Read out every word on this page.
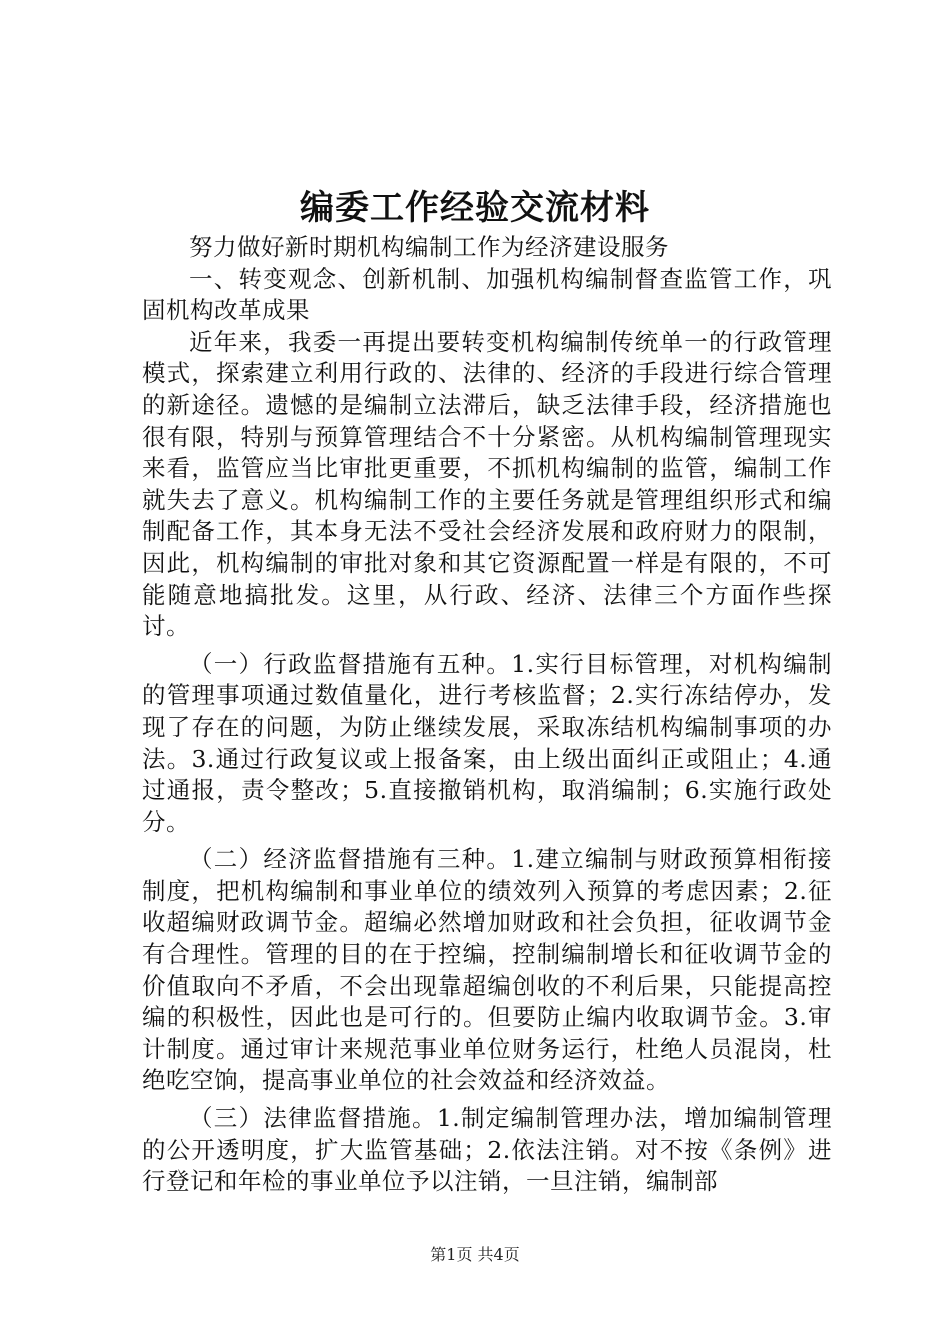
编委工作经验交流材料

努力做好新时期机构编制工作为经济建设服务

一、转变观念、创新机制、加强机构编制督查监管工作，巩固机构改革成果

近年来，我委一再提出要转变机构编制传统单一的行政管理模式，探索建立利用行政的、法律的、经济的手段进行综合管理的新途径。遗憾的是编制立法滞后，缺乏法律手段，经济措施也很有限，特别与预算管理结合不十分紧密。从机构编制管理现实来看，监管应当比审批更重要，不抓机构编制的监管，编制工作就失去了意义。机构编制工作的主要任务就是管理组织形式和编制配备工作，其本身无法不受社会经济发展和政府财力的限制，因此，机构编制的审批对象和其它资源配置一样是有限的，不可能随意地搞批发。这里，从行政、经济、法律三个方面作些探讨。

（一）行政监督措施有五种。1.实行目标管理，对机构编制的管理事项通过数值量化，进行考核监督；2.实行冻结停办，发现了存在的问题，为防止继续发展，采取冻结机构编制事项的办法。3.通过行政复议或上报备案，由上级出面纠正或阻止；4.通过通报，责令整改；5.直接撤销机构，取消编制；6.实施行政处分。

（二）经济监督措施有三种。1.建立编制与财政预算相衔接制度，把机构编制和事业单位的绩效列入预算的考虑因素；2.征收超编财政调节金。超编必然增加财政和社会负担，征收调节金有合理性。管理的目的在于控编，控制编制增长和征收调节金的价值取向不矛盾，不会出现靠超编创收的不利后果，只能提高控编的积极性，因此也是可行的。但要防止编内收取调节金。3.审计制度。通过审计来规范事业单位财务运行，杜绝人员混岗，杜绝吃空饷，提高事业单位的社会效益和经济效益。

（三）法律监督措施。1.制定编制管理办法，增加编制管理的公开透明度，扩大监管基础；2.依法注销。对不按《条例》进行登记和年检的事业单位予以注销，一旦注销，编制部

第1页 共4页
